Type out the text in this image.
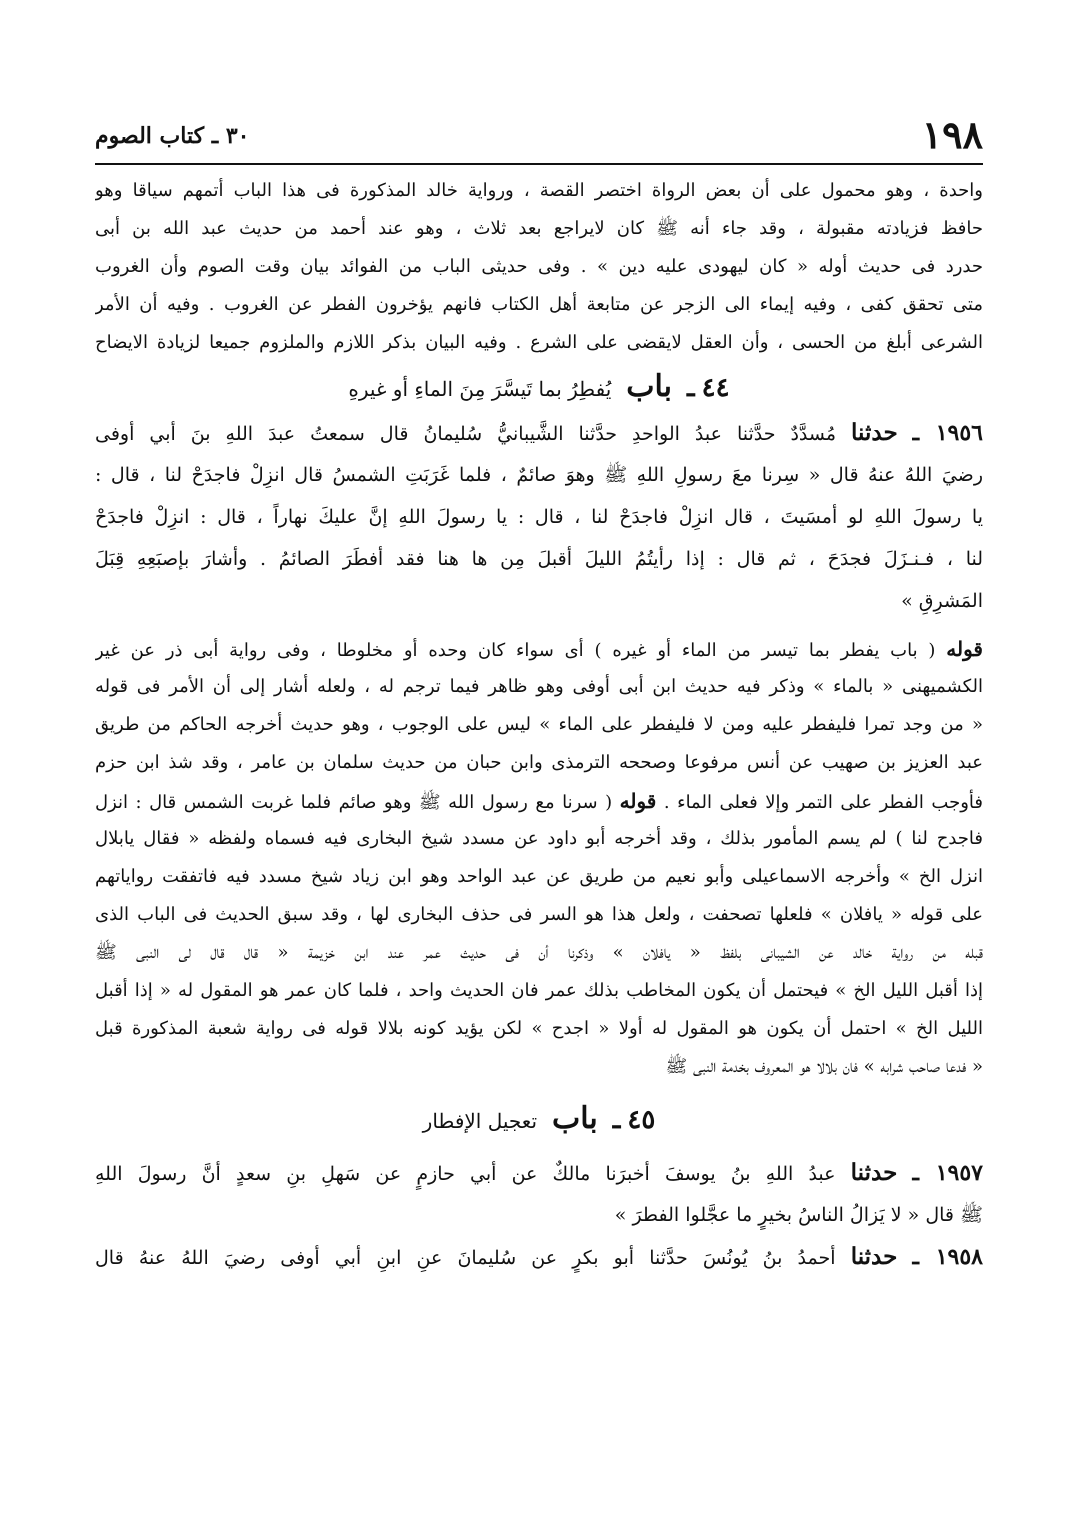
١٩٨
٣٠ ـ كتاب الصوم
واحدة ، وهو محمول على أن بعض الرواة اختصر القصة ، ورواية خالد المذكورة فى هذا الباب أتمهم سياقا وهو
حافظ فزيادته مقبولة ، وقد جاء أنه ﷺ كان لايراجع بعد ثلاث ، وهو عند أحمد من حديث عبد الله بن أبى
حدرد فى حديث أوله « كان ليهودى عليه دين » . وفى حديثى الباب من الفوائد بيان وقت الصوم وأن الغروب
متى تحقق كفى ، وفيه إيماء الى الزجر عن متابعة أهل الكتاب فانهم يؤخرون الفطر عن الغروب . وفيه أن الأمر
الشرعى أبلغ من الحسى ، وأن العقل لايقضى على الشرع . وفيه البيان بذكر اللازم والملزوم جميعا لزيادة الايضاح
٤٤ ـ باب يُفطِرُ بما تَيسَّرَ مِنَ الماءِ أو غيرهِ
١٩٥٦ ـ حدثنا مُسدَّدٌ حدَّثنا عبدُ الواحدِ حدَّثنا الشَّيبانيُّ سُليمانُ قال سمعتُ عبدَ اللهِ بنَ أبي أوفى
رضيَ اللهُ عنهُ قال « سِرنا معَ رسولِ اللهِ ﷺ وهوَ صائمٌ ، فلما غَرَبَتِ الشمسُ قال انزِلْ فاجدَحْ لنا ، قال :
يا رسولَ اللهِ لو أمسَيتَ ، قال انزِلْ فاجدَحْ لنا ، قال : يا رسولَ اللهِ إنَّ عليكَ نهاراً ، قال : انزِلْ فاجدَحْ
لنا ، فـنـزَلَ فجدَحَ ، ثم قال : إذا رأيتُمُ الليلَ أقبلَ مِن ها هنا فقد أفطَرَ الصائمُ . وأشارَ بإصبَعِهِ قِبَلَ
المَشرِقِ »
قوله ( باب يفطر بما تيسر من الماء أو غيره ) أى سواء كان وحده أو مخلوطا ، وفى رواية أبى ذر عن غير
الكشميهنى « بالماء » وذكر فيه حديث ابن أبى أوفى وهو ظاهر فيما ترجم له ، ولعله أشار إلى أن الأمر فى قوله
« من وجد تمرا فليفطر عليه ومن لا فليفطر على الماء » ليس على الوجوب ، وهو حديث أخرجه الحاكم من طريق
عبد العزيز بن صهيب عن أنس مرفوعا وصححه الترمذى وابن حبان من حديث سلمان بن عامر ، وقد شذ ابن حزم
فأوجب الفطر على التمر وإلا فعلى الماء . قوله ( سرنا مع رسول الله ﷺ وهو صائم فلما غربت الشمس قال : انزل
فاجدح لنا ) لم يسم المأمور بذلك ، وقد أخرجه أبو داود عن مسدد شيخ البخارى فيه فسماه ولفظه « فقال يابلال
انزل الخ » وأخرجه الاسماعيلى وأبو نعيم من طريق عن عبد الواحد وهو ابن زياد شيخ مسدد فيه فاتفقت رواياتهم
على قوله « يافلان » فلعلها تصحفت ، ولعل هذا هو السر فى حذف البخارى لها ، وقد سبق الحديث فى الباب الذى
قبله من رواية خالد عن الشيبانى بلفظ « يافلان » وذكرنا أن فى حديث عمر عند ابن خزيمة « قال قال لى النبى ﷺ
إذا أقبل الليل الخ » فيحتمل أن يكون المخاطب بذلك عمر فان الحديث واحد ، فلما كان عمر هو المقول له « إذا أقبل
الليل الخ » احتمل أن يكون هو المقول له أولا « اجدح » لكن يؤيد كونه بلالا قوله فى رواية شعبة المذكورة قبل
« فدعا صاحب شرابه » فان بلالا هو المعروف بخدمة النبى ﷺ
٤٥ ـ باب تعجيل الإفطار
١٩٥٧ ـ حدثنا عبدُ اللهِ بنُ يوسفَ أخبرَنا مالكٌ عن أبي حازمٍ عن سَهلِ بنِ سعدٍ أنَّ رسولَ اللهِ
ﷺ قال « لا يَزالُ الناسُ بخيرٍ ما عجَّلوا الفطرَ »
١٩٥٨ ـ حدثنا أحمدُ بنُ يُونُسَ حدَّثنا أبو بكرٍ عن سُليمانَ عنِ ابنِ أبي أوفى رضيَ اللهُ عنهُ قال
